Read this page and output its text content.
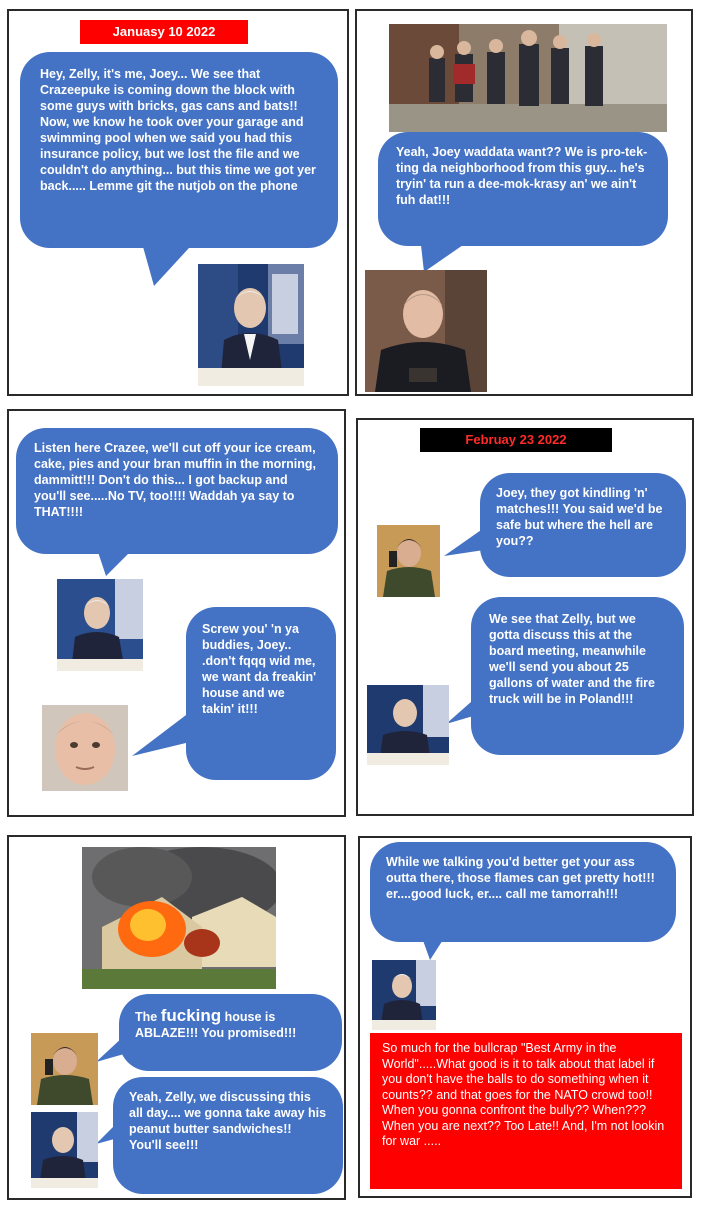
Januasy 10 2022
Hey, Zelly, it's me, Joey... We see that Crazeepuke is coming down the block with some guys with bricks, gas cans and bats!! Now, we know he took over your garage and swimming pool when we said you had this insurance policy, but we lost the file and we couldn't do anything... but this time we got yer back..... Lemme git the nutjob on the phone
Yeah, Joey waddata want?? We is pro-tek-ting da neighborhood from this guy... he's tryin' ta run a dee-mok-krasy an' we ain't fuh dat!!!
Listen here Crazee, we'll cut off your ice cream, cake, pies and your bran muffin in the morning, dammitt!!! Don't do this... I got backup and you'll see.....No TV, too!!!! Waddah ya say to THAT!!!!
Screw you' 'n ya buddies, Joey.. .don't fqqq wid me, we want da freakin' house and we takin' it!!!
Februay 23 2022
Joey, they got kindling 'n' matches!!! You said we'd be safe but where the hell are you??
We see that Zelly, but we gotta discuss this at the board meeting, meanwhile we'll send you about 25 gallons of water and the fire truck will be in Poland!!!
The fucking house is ABLAZE!!! You promised!!!
Yeah, Zelly, we discussing this all day.... we gonna take away his peanut butter sandwiches!! You'll see!!!
While we talking you'd better get your ass outta there, those flames can get pretty hot!!! er....good luck, er.... call me tamorrah!!!
So much for the bullcrap "Best Army in the World".....What good is it to talk about that label if you don't have the balls to do something when it counts?? and that goes for the NATO crowd too!! When you gonna confront the bully?? When??? When you are next?? Too Late!! And, I'm not lookin for war .....
